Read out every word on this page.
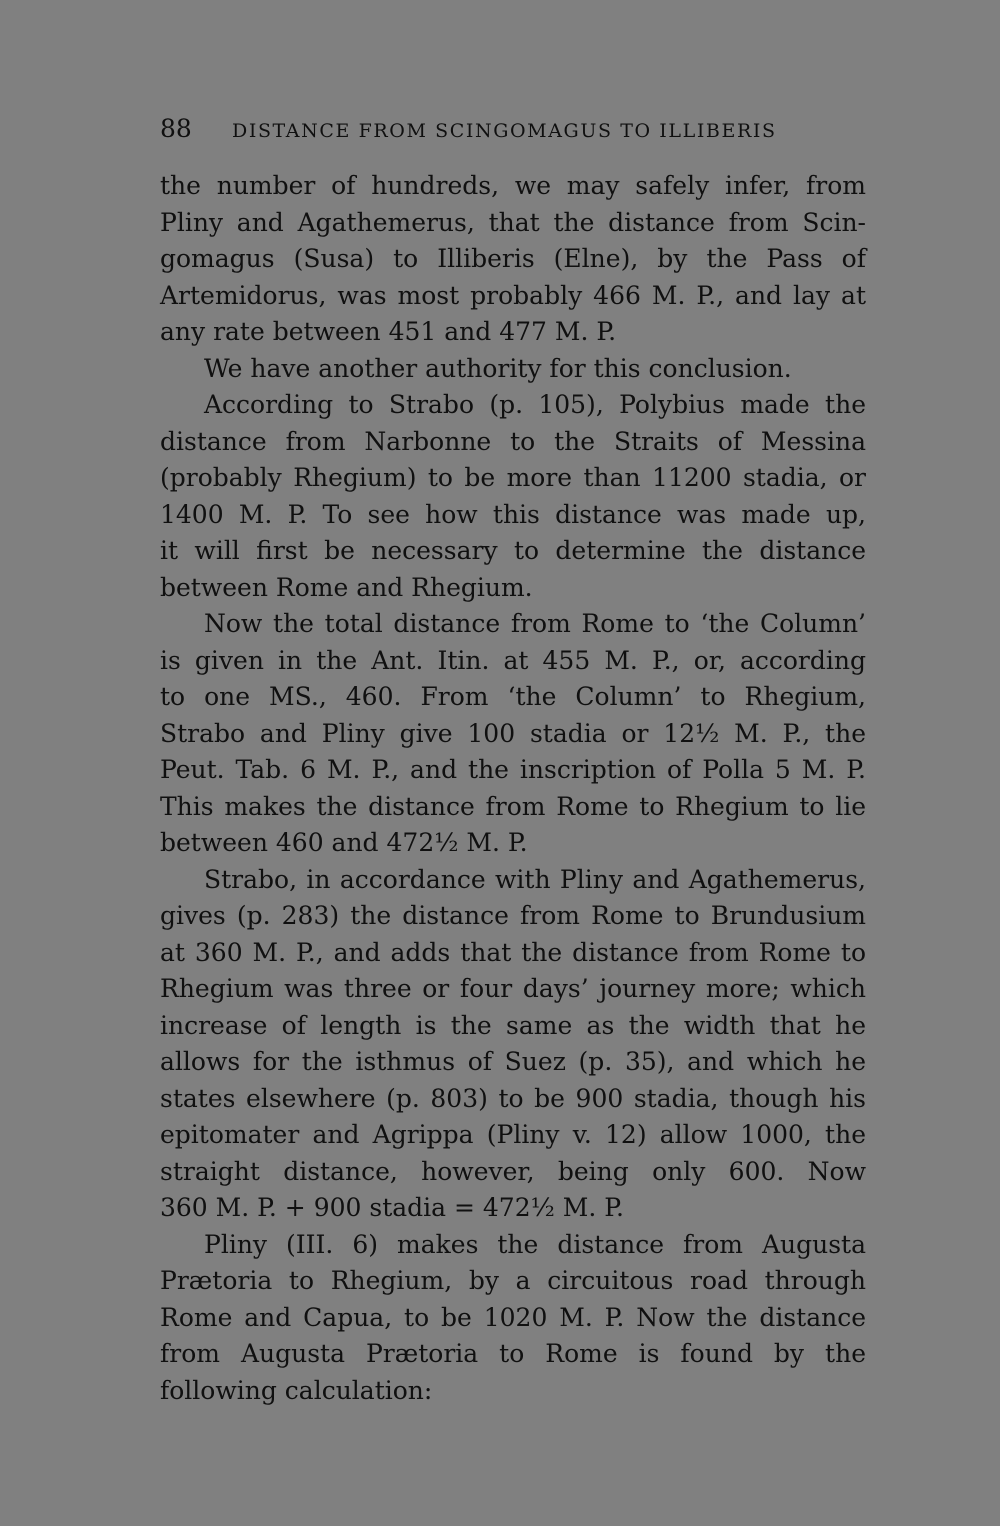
88	DISTANCE FROM SCINGOMAGUS TO ILLIBERIS
the number of hundreds, we may safely infer, from
Pliny and Agathemerus, that the distance from Scin-
gomagus (Susa) to Illiberis (Elne), by the Pass of
Artemidorus, was most probably 466 M. P., and lay at
any rate between 451 and 477 M. P.
We have another authority for this conclusion.
According to Strabo (p. 105), Polybius made the
distance from Narbonne to the Straits of Messina
(probably Rhegium) to be more than 11200 stadia, or
1400 M. P. To see how this distance was made up,
it will first be necessary to determine the distance
between Rome and Rhegium.
Now the total distance from Rome to ‘the Column’
is given in the Ant. Itin. at 455 M. P., or, according
to one MS., 460. From ‘the Column’ to Rhegium,
Strabo and Pliny give 100 stadia or 12½ M. P., the
Peut. Tab. 6 M. P., and the inscription of Polla 5 M. P.
This makes the distance from Rome to Rhegium to lie
between 460 and 472½ M. P.
Strabo, in accordance with Pliny and Agathemerus,
gives (p. 283) the distance from Rome to Brundusium
at 360 M. P., and adds that the distance from Rome to
Rhegium was three or four days’ journey more; which
increase of length is the same as the width that he
allows for the isthmus of Suez (p. 35), and which he
states elsewhere (p. 803) to be 900 stadia, though his
epitomater and Agrippa (Pliny v. 12) allow 1000, the
straight distance, however, being only 600. Now
360 M. P. + 900 stadia = 472½ M. P.
Pliny (III. 6) makes the distance from Augusta
Prætoria to Rhegium, by a circuitous road through
Rome and Capua, to be 1020 M. P. Now the distance
from Augusta Prætoria to Rome is found by the
following calculation:
